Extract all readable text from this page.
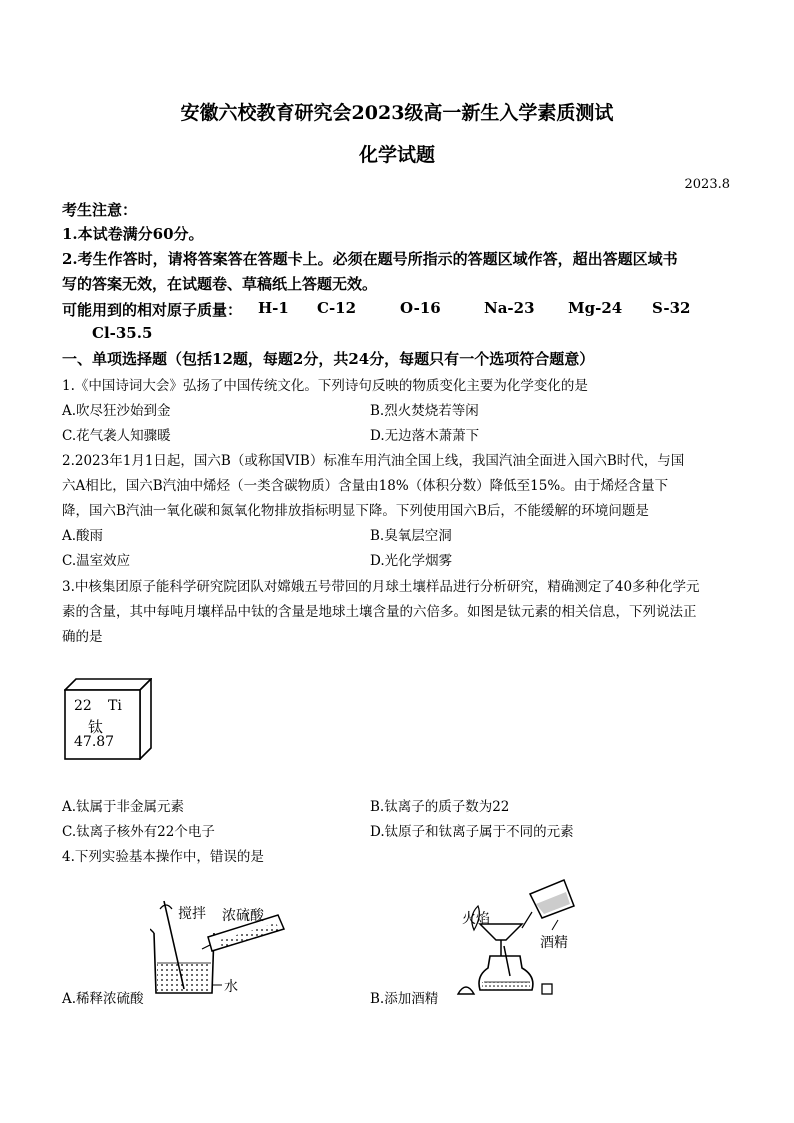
安徽六校教育研究会2023级高一新生入学素质测试
化学试题
2023.8
考生注意：
1.本试卷满分60分。
2.考生作答时，请将答案答在答题卡上。必须在题号所指示的答题区域作答，超出答题区域书
写的答案无效，在试题卷、草稿纸上答题无效。
可能用到的相对原子质量： H-1 C-12	O-16	Na-23 Mg-24 S-32
Cl-35.5
一、单项选择题（包括12题，每题2分，共24分，每题只有一个选项符合题意）
1.《中国诗词大会》弘扬了中国传统文化。下列诗句反映的物质变化主要为化学变化的是
A.吹尽狂沙始到金	B.烈火焚烧若等闲
C.花气袭人知骤暖	D.无边落木萧萧下
2.2023年1月1日起，国六B（或称国VIB）标准车用汽油全国上线，我国汽油全面进入国六B时代，与国
六A相比，国六B汽油中烯烃（一类含碳物质）含量由18%（体积分数）降低至15%。由于烯烃含量下
降，国六B汽油一氧化碳和氮氧化物排放指标明显下降。下列使用国六B后，不能缓解的环境问题是
A.酸雨	B.臭氧层空洞
C.温室效应	D.光化学烟雾
3.中核集团原子能科学研究院团队对嫦娥五号带回的月球土壤样品进行分析研究，精确测定了40多种化学元
素的含量，其中每吨月壤样品中钛的含量是地球土壤含量的六倍多。如图是钛元素的相关信息，下列说法正
确的是
22 Ti
钛
47.87
A.钛属于非金属元素	B.钛离子的质子数为22
C.钛离子核外有22个电子	D.钛原子和钛离子属于不同的元素
4.下列实验基本操作中，错误的是
搅拌 浓硫酸
水
A.稀释浓硫酸
火焰
酒精
B.添加酒精
